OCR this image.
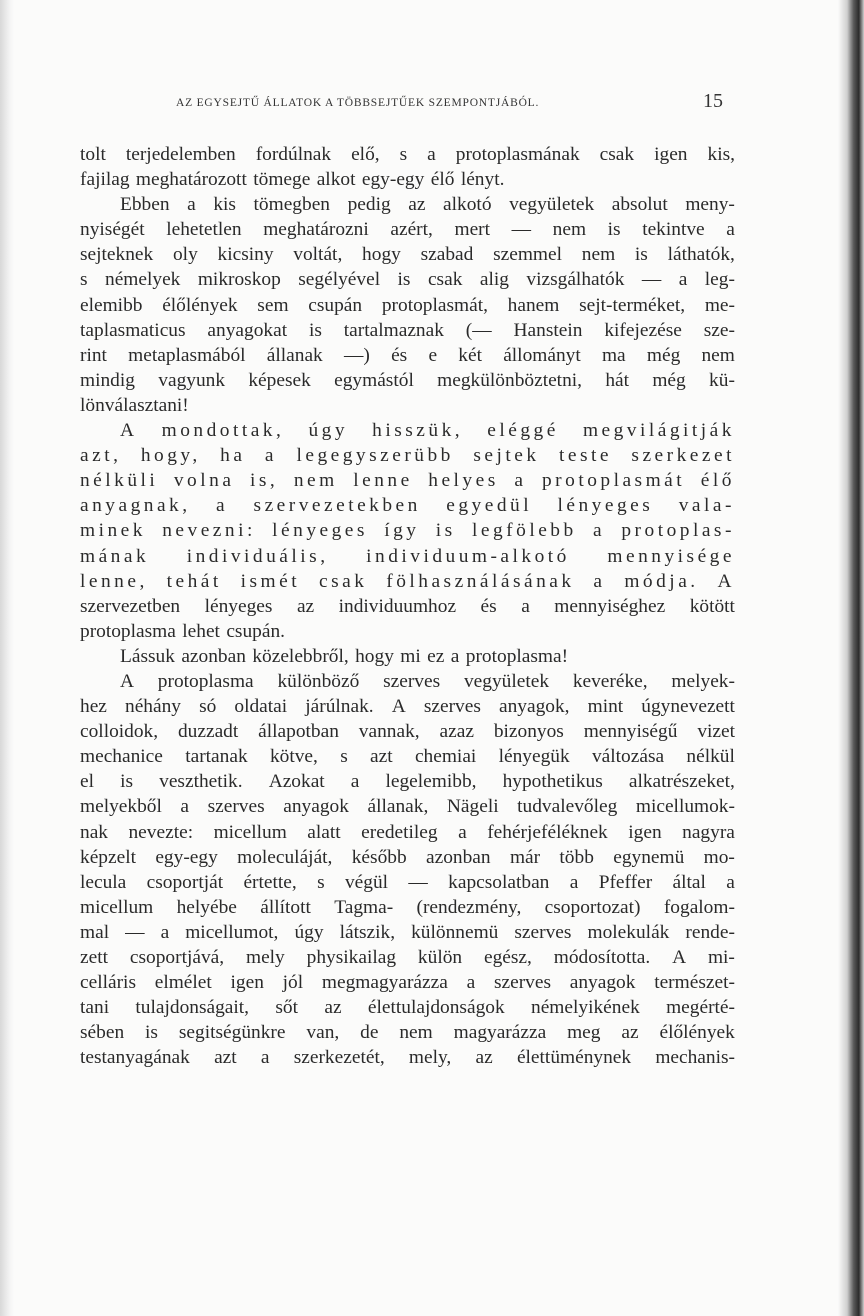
AZ EGYSEJTŰ ÁLLATOK A TÖBBSEJTŰEK SZEMPONTJÁBÓL.	15
tolt terjedelemben fordúlnak elő, s a protoplasmának csak igen kis,
fajilag meghatározott tömege alkot egy-egy élő lényt.
Ebben a kis tömegben pedig az alkotó vegyületek absolut meny-
nyiségét lehetetlen meghatározni azért, mert — nem is tekintve a
sejteknek oly kicsiny voltát, hogy szabad szemmel nem is láthatók,
s némelyek mikroskop segélyével is csak alig vizsgálhatók — a leg-
elemibb élőlények sem csupán protoplasmát, hanem sejt-terméket, me-
taplasmaticus anyagokat is tartalmaznak (— Hanstein kifejezése sze-
rint metaplasmából állanak —) és e két állományt ma még nem
mindig vagyunk képesek egymástól megkülönböztetni, hát még kü-
lönválasztani!
A mondottak, úgy hisszük, eléggé megvilágitják
azt, hogy, ha a legegyszerübb sejtek teste szerkezet
nélküli volna is, nem lenne helyes a protoplasmát élő
anyagnak, a szervezetekben egyedül lényeges vala-
minek nevezni: lényeges így is legfölebb a protoplas-
mának individuális, individuum-alkotó mennyisége
lenne, tehát ismét csak fölhasználásának a módja. A
szervezetben lényeges az individuumhoz és a mennyiséghez kötött
protoplasma lehet csupán.
Lássuk azonban közelebbről, hogy mi ez a protoplasma!
A protoplasma különböző szerves vegyületek keveréke, melyek-
hez néhány só oldatai járúlnak. A szerves anyagok, mint úgynevezett
colloidok, duzzadt állapotban vannak, azaz bizonyos mennyiségű vizet
mechanice tartanak kötve, s azt chemiai lényegük változása nélkül
el is veszthetik. Azokat a legelemibb, hypothetikus alkatrészeket,
melyekből a szerves anyagok állanak, Nägeli tudvalevőleg micellumok-
nak nevezte: micellum alatt eredetileg a fehérjeféléknek igen nagyra
képzelt egy-egy moleculáját, később azonban már több egynemü mo-
lecula csoportját értette, s végül — kapcsolatban a Pfeffer által a
micellum helyébe állított Tagma- (rendezmény, csoportozat) fogalom-
mal — a micellumot, úgy látszik, különnemü szerves molekulák rende-
zett csoportjává, mely physikailag külön egész, módosította. A mi-
celláris elmélet igen jól megmagyarázza a szerves anyagok természet-
tani tulajdonságait, sőt az élettulajdonságok némelyikének megérté-
sében is segitségünkre van, de nem magyarázza meg az élőlények
testanyagának azt a szerkezetét, mely, az élettüménynek mechanis-
